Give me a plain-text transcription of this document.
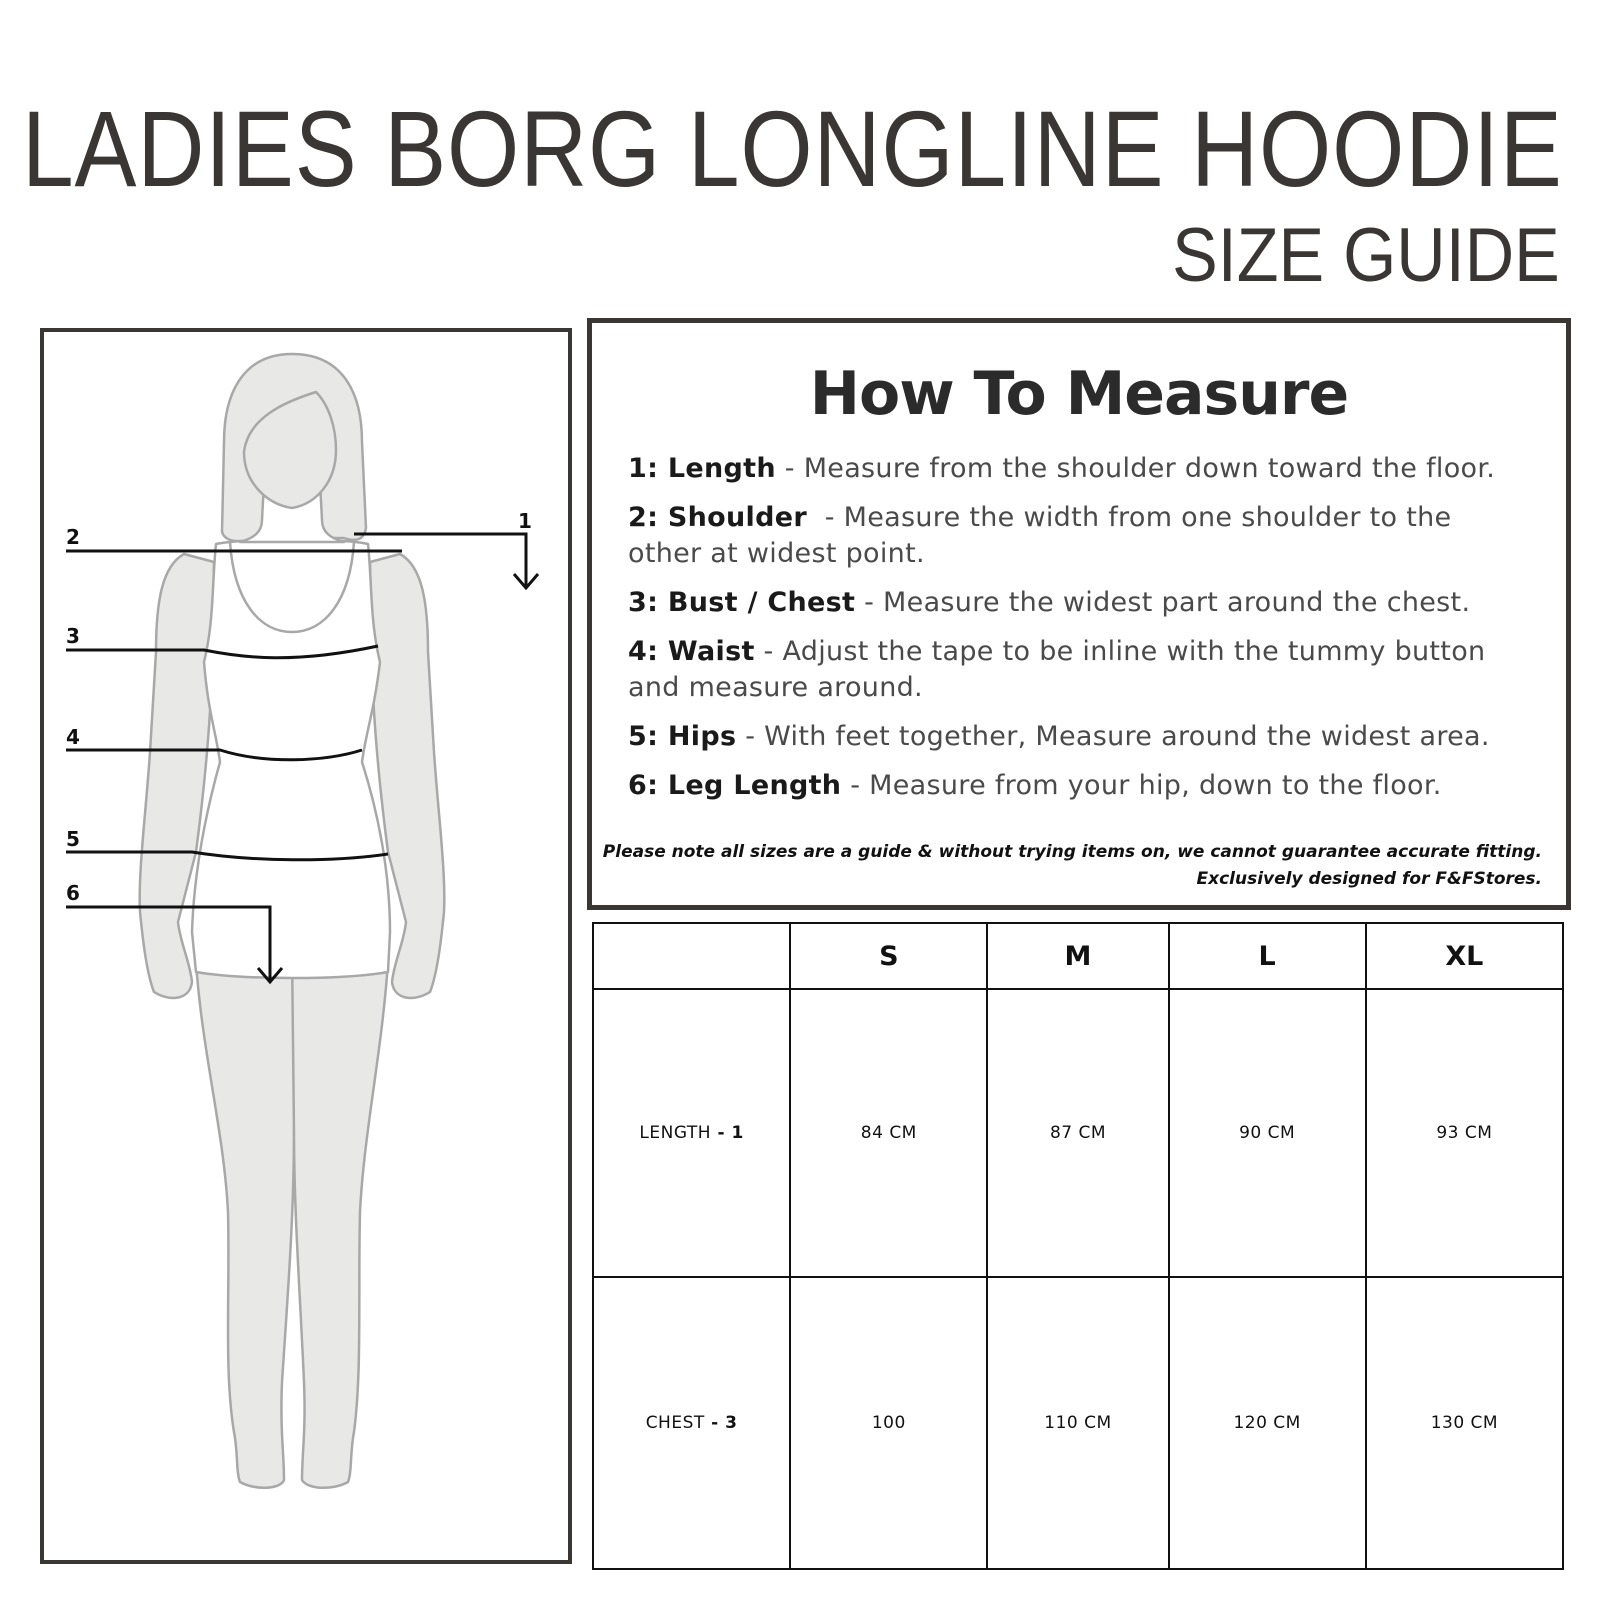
LADIES BORG LONGLINE HOODIE
SIZE GUIDE
1
2
3
4
5
6
How To Measure
1: Length - Measure from the shoulder down toward the floor.
2: Shoulder  - Measure the width from one shoulder to the other at widest point.
3: Bust / Chest - Measure the widest part around the chest.
4: Waist - Adjust the tape to be inline with the tummy button and measure around.
5: Hips - With feet together, Measure around the widest area.
6: Leg Length - Measure from your hip, down to the floor.
Please note all sizes are a guide & without trying items on, we cannot guarantee accurate fitting.
Exclusively designed for F&FStores.
	S	M	L	XL
LENGTH - 1	84 CM	87 CM	90 CM	93 CM
CHEST - 3	100	110 CM	120 CM	130 CM
